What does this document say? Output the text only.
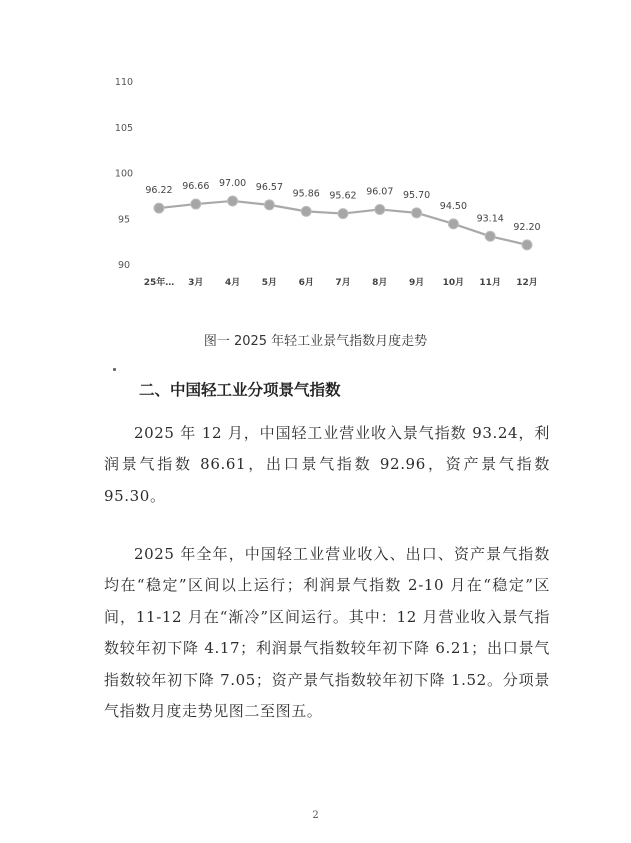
90
95
100
105
110
25年… 3月 4月 5月 6月 7月 8月 9月 10月 11月 12月
96.22 96.66 97.00 96.57
95.86 95.62 96.07 95.70
94.50
93.14
92.20
图一 2025 年轻工业景气指数月度走势
二、中国轻工业分项景气指数

2025 年 12 月，中国轻工业营业收入景气指数 93.24，利润景气指数 86.61，出口景气指数 92.96，资产景气指数 95.30。

2025 年全年，中国轻工业营业收入、出口、资产景气指数均在“稳定”区间以上运行；利润景气指数 2-10 月在“稳定”区间，11-12 月在“渐冷”区间运行。其中：12 月营业收入景气指数较年初下降 4.17；利润景气指数较年初下降 6.21；出口景气指数较年初下降 7.05；资产景气指数较年初下降 1.52。分项景气指数月度走势见图二至图五。

2
